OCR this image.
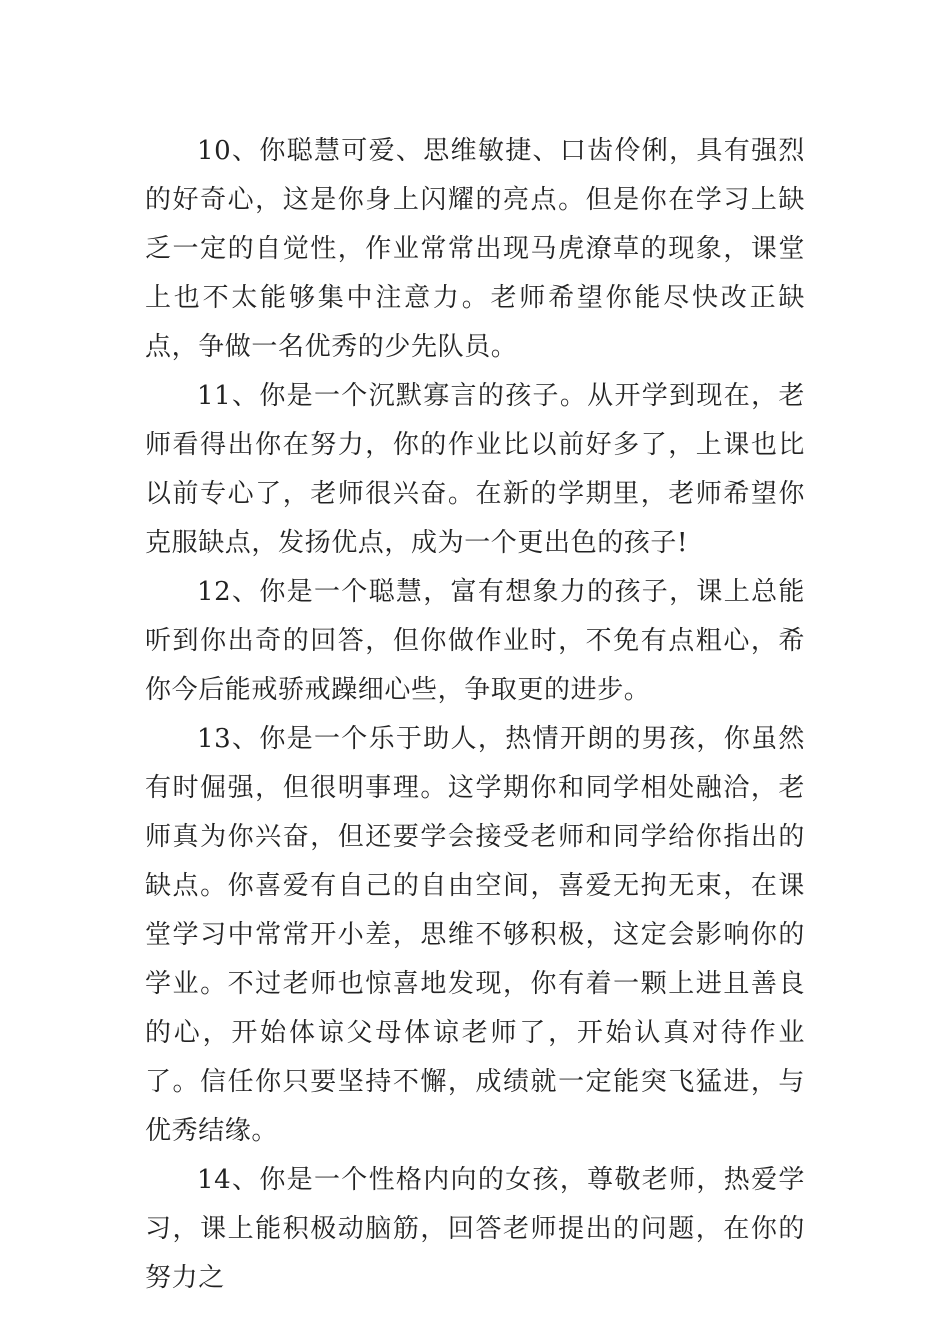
10、你聪慧可爱、思维敏捷、口齿伶俐，具有强烈的好奇心，这是你身上闪耀的亮点。但是你在学习上缺乏一定的自觉性，作业常常出现马虎潦草的现象，课堂上也不太能够集中注意力。老师希望你能尽快改正缺点，争做一名优秀的少先队员。

11、你是一个沉默寡言的孩子。从开学到现在，老师看得出你在努力，你的作业比以前好多了，上课也比以前专心了，老师很兴奋。在新的学期里，老师希望你克服缺点，发扬优点，成为一个更出色的孩子!

12、你是一个聪慧，富有想象力的孩子，课上总能听到你出奇的回答，但你做作业时，不免有点粗心，希你今后能戒骄戒躁细心些，争取更的进步。

13、你是一个乐于助人，热情开朗的男孩，你虽然有时倔强，但很明事理。这学期你和同学相处融洽，老师真为你兴奋，但还要学会接受老师和同学给你指出的缺点。你喜爱有自己的自由空间，喜爱无拘无束，在课堂学习中常常开小差，思维不够积极，这定会影响你的学业。不过老师也惊喜地发现，你有着一颗上进且善良的心，开始体谅父母体谅老师了，开始认真对待作业了。信任你只要坚持不懈，成绩就一定能突飞猛进，与优秀结缘。

14、你是一个性格内向的女孩，尊敬老师，热爱学习，课上能积极动脑筋，回答老师提出的问题，在你的努力之
